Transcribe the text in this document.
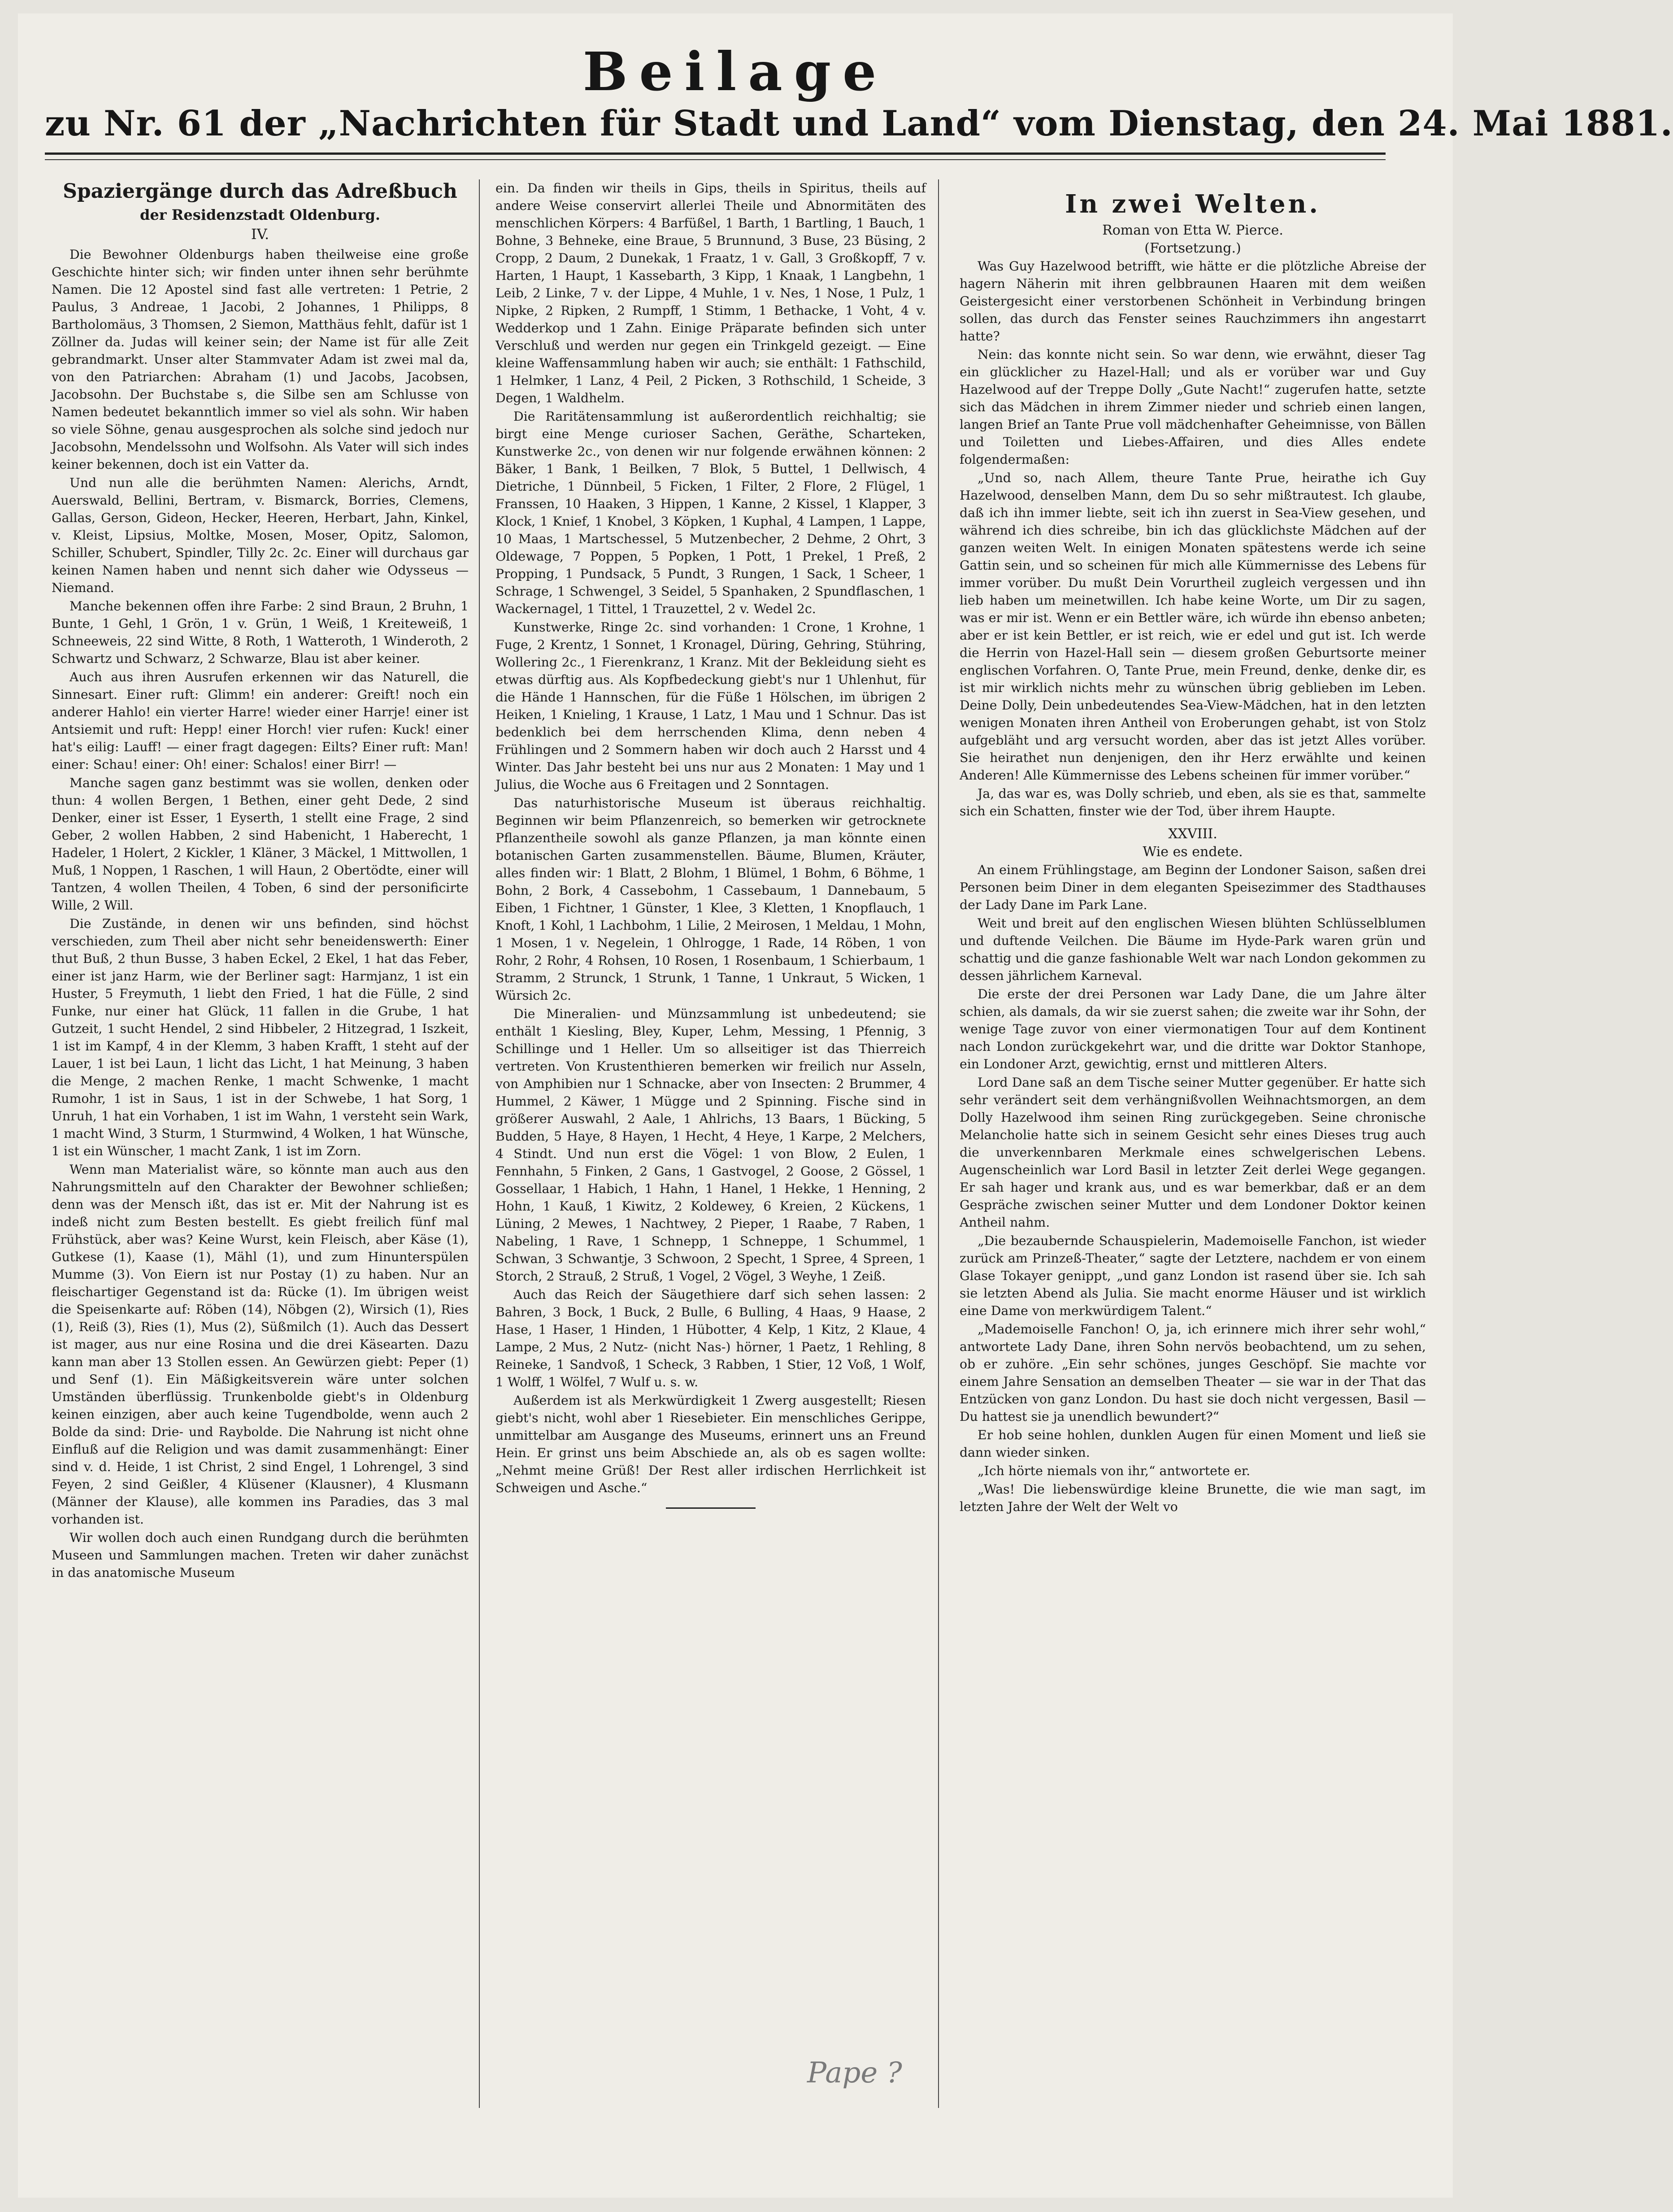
Beilage
zu Nr. 61 der „Nachrichten für Stadt und Land“ vom Dienstag, den 24. Mai 1881.
Spaziergänge durch das Adreßbuch
der Residenzstadt Oldenburg.
IV.

Die Bewohner Oldenburgs haben theilweise eine große Geschichte hinter sich; wir finden unter ihnen sehr berühmte Namen. Die 12 Apostel sind fast alle vertreten: 1 Petrie, 2 Paulus, 3 Andreae, 1 Jacobi, 2 Johannes, 1 Philipps, 8 Bartholomäus, 3 Thomsen, 2 Siemon, Matthäus fehlt, dafür ist 1 Zöllner da. Judas will keiner sein; der Name ist für alle Zeit gebrandmarkt. Unser alter Stammvater Adam ist zwei mal da, von den Patriarchen: Abraham (1) und Jacobs, Jacobsen, Jacobsohn. Der Buchstabe s, die Silbe sen am Schlusse von Namen bedeutet bekanntlich immer so viel als sohn. Wir haben so viele Söhne, genau ausgesprochen als solche sind jedoch nur Jacobsohn, Mendelssohn und Wolfsohn. Als Vater will sich indes keiner bekennen, doch ist ein Vatter da.

Und nun alle die berühmten Namen: Alerichs, Arndt, Auerswald, Bellini, Bertram, v. Bismarck, Borries, Clemens, Gallas, Gerson, Gideon, Hecker, Heeren, Herbart, Jahn, Kinkel, v. Kleist, Lipsius, Moltke, Mosen, Moser, Opitz, Salomon, Schiller, Schubert, Spindler, Tilly 2c. 2c. Einer will durchaus gar keinen Namen haben und nennt sich daher wie Odysseus — Niemand.

Manche bekennen offen ihre Farbe: 2 sind Braun, 2 Bruhn, 1 Bunte, 1 Gehl, 1 Grön, 1 v. Grün, 1 Weiß, 1 Kreiteweiß, 1 Schneeweis, 22 sind Witte, 8 Roth, 1 Watteroth, 1 Winderoth, 2 Schwartz und Schwarz, 2 Schwarze, Blau ist aber keiner.

Auch aus ihren Ausrufen erkennen wir das Naturell, die Sinnesart. Einer ruft: Glimm! ein anderer: Greift! noch ein anderer Hahlo! ein vierter Harre! wieder einer Harrje! einer ist Antsiemit und ruft: Hepp! einer Horch! vier rufen: Kuck! einer hat's eilig: Lauff! — einer fragt dagegen: Eilts? Einer ruft: Man! einer: Schau! einer: Oh! einer: Schalos! einer Birr! —

Manche sagen ganz bestimmt was sie wollen, denken oder thun: 4 wollen Bergen, 1 Bethen, einer geht Dede, 2 sind Denker, einer ist Esser, 1 Eyserth, 1 stellt eine Frage, 2 sind Geber, 2 wollen Habben, 2 sind Habenicht, 1 Haberecht, 1 Hadeler, 1 Holert, 2 Kickler, 1 Kläner, 3 Mäckel, 1 Mittwollen, 1 Muß, 1 Noppen, 1 Raschen, 1 will Haun, 2 Obertödte, einer will Tantzen, 4 wollen Theilen, 4 Toben, 6 sind der personificirte Wille, 2 Will.

Die Zustände, in denen wir uns befinden, sind höchst verschieden, zum Theil aber nicht sehr beneidenswerth: Einer thut Buß, 2 thun Busse, 3 haben Eckel, 2 Ekel, 1 hat das Feber, einer ist janz Harm, wie der Berliner sagt: Harmjanz, 1 ist ein Huster, 5 Freymuth, 1 liebt den Fried, 1 hat die Fülle, 2 sind Funke, nur einer hat Glück, 11 fallen in die Grube, 1 hat Gutzeit, 1 sucht Hendel, 2 sind Hibbeler, 2 Hitzegrad, 1 Iszkeit, 1 ist im Kampf, 4 in der Klemm, 3 haben Krafft, 1 steht auf der Lauer, 1 ist bei Laun, 1 licht das Licht, 1 hat Meinung, 3 haben die Menge, 2 machen Renke, 1 macht Schwenke, 1 macht Rumohr, 1 ist in Saus, 1 ist in der Schwebe, 1 hat Sorg, 1 Unruh, 1 hat ein Vorhaben, 1 ist im Wahn, 1 versteht sein Wark, 1 macht Wind, 3 Sturm, 1 Sturmwind, 4 Wolken, 1 hat Wünsche, 1 ist ein Wünscher, 1 macht Zank, 1 ist im Zorn.

Wenn man Materialist wäre, so könnte man auch aus den Nahrungsmitteln auf den Charakter der Bewohner schließen; denn was der Mensch ißt, das ist er. Mit der Nahrung ist es indeß nicht zum Besten bestellt. Es giebt freilich fünf mal Frühstück, aber was? Keine Wurst, kein Fleisch, aber Käse (1), Gutkese (1), Kaase (1), Mähl (1), und zum Hinunterspülen Mumme (3). Von Eiern ist nur Postay (1) zu haben. Nur an fleischartiger Gegenstand ist da: Rücke (1). Im übrigen weist die Speisenkarte auf: Röben (14), Nöbgen (2), Wirsich (1), Ries (1), Reiß (3), Ries (1), Mus (2), Süßmilch (1). Auch das Dessert ist mager, aus nur eine Rosina und die drei Käsearten. Dazu kann man aber 13 Stollen essen. An Gewürzen giebt: Peper (1) und Senf (1). Ein Mäßigkeitsverein wäre unter solchen Umständen überflüssig. Trunkenbolde giebt's in Oldenburg keinen einzigen, aber auch keine Tugendbolde, wenn auch 2 Bolde da sind: Drie- und Raybolde. Die Nahrung ist nicht ohne Einfluß auf die Religion und was damit zusammenhängt: Einer sind v. d. Heide, 1 ist Christ, 2 sind Engel, 1 Lohrengel, 3 sind Feyen, 2 sind Geißler, 4 Klüsener (Klausner), 4 Klusmann (Männer der Klause), alle kommen ins Paradies, das 3 mal vorhanden ist.

Wir wollen doch auch einen Rundgang durch die berühmten Museen und Sammlungen machen. Treten wir daher zunächst in das anatomische Museum

ein. Da finden wir theils in Gips, theils in Spiritus, theils auf andere Weise conservirt allerlei Theile und Abnormitäten des menschlichen Körpers: 4 Barfüßel, 1 Barth, 1 Bartling, 1 Bauch, 1 Bohne, 3 Behneke, eine Braue, 5 Brunnund, 3 Buse, 23 Büsing, 2 Cropp, 2 Daum, 2 Dunekak, 1 Fraatz, 1 v. Gall, 3 Großkopff, 7 v. Harten, 1 Haupt, 1 Kassebarth, 3 Kipp, 1 Knaak, 1 Langbehn, 1 Leib, 2 Linke, 7 v. der Lippe, 4 Muhle, 1 v. Nes, 1 Nose, 1 Pulz, 1 Nipke, 2 Ripken, 2 Rumpff, 1 Stimm, 1 Bethacke, 1 Voht, 4 v. Wedderkop und 1 Zahn. Einige Präparate befinden sich unter Verschluß und werden nur gegen ein Trinkgeld gezeigt. — Eine kleine Waffensammlung haben wir auch; sie enthält: 1 Fathschild, 1 Helmker, 1 Lanz, 4 Peil, 2 Picken, 3 Rothschild, 1 Scheide, 3 Degen, 1 Waldhelm.

Die Raritätensammlung ist außerordentlich reichhaltig; sie birgt eine Menge curioser Sachen, Geräthe, Scharteken, Kunstwerke 2c., von denen wir nur folgende erwähnen können: 2 Bäker, 1 Bank, 1 Beilken, 7 Blok, 5 Buttel, 1 Dellwisch, 4 Dietriche, 1 Dünnbeil, 5 Ficken, 1 Filter, 2 Flore, 2 Flügel, 1 Franssen, 10 Haaken, 3 Hippen, 1 Kanne, 2 Kissel, 1 Klapper, 3 Klock, 1 Knief, 1 Knobel, 3 Köpken, 1 Kuphal, 4 Lampen, 1 Lappe, 10 Maas, 1 Martschessel, 5 Mutzenbecher, 2 Dehme, 2 Ohrt, 3 Oldewage, 7 Poppen, 5 Popken, 1 Pott, 1 Prekel, 1 Preß, 2 Propping, 1 Pundsack, 5 Pundt, 3 Rungen, 1 Sack, 1 Scheer, 1 Schrage, 1 Schwengel, 3 Seidel, 5 Spanhaken, 2 Spundflaschen, 1 Wackernagel, 1 Tittel, 1 Trauzettel, 2 v. Wedel 2c.

Kunstwerke, Ringe 2c. sind vorhanden: 1 Crone, 1 Krohne, 1 Fuge, 2 Krentz, 1 Sonnet, 1 Kronagel, Düring, Gehring, Stühring, Wollering 2c., 1 Fierenkranz, 1 Kranz. Mit der Bekleidung sieht es etwas dürftig aus. Als Kopfbedeckung giebt's nur 1 Uhlenhut, für die Hände 1 Hannschen, für die Füße 1 Hölschen, im übrigen 2 Heiken, 1 Knieling, 1 Krause, 1 Latz, 1 Mau und 1 Schnur. Das ist bedenklich bei dem herrschenden Klima, denn neben 4 Frühlingen und 2 Sommern haben wir doch auch 2 Harsst und 4 Winter. Das Jahr besteht bei uns nur aus 2 Monaten: 1 May und 1 Julius, die Woche aus 6 Freitagen und 2 Sonntagen.

Das naturhistorische Museum ist überaus reichhaltig. Beginnen wir beim Pflanzenreich, so bemerken wir getrocknete Pflanzentheile sowohl als ganze Pflanzen, ja man könnte einen botanischen Garten zusammenstellen. Bäume, Blumen, Kräuter, alles finden wir: 1 Blatt, 2 Blohm, 1 Blümel, 1 Bohm, 6 Böhme, 1 Bohn, 2 Bork, 4 Cassebohm, 1 Cassebaum, 1 Dannebaum, 5 Eiben, 1 Fichtner, 1 Günster, 1 Klee, 3 Kletten, 1 Knopflauch, 1 Knoft, 1 Kohl, 1 Lachbohm, 1 Lilie, 2 Meirosen, 1 Meldau, 1 Mohn, 1 Mosen, 1 v. Negelein, 1 Ohlrogge, 1 Rade, 14 Röben, 1 von Rohr, 2 Rohr, 4 Rohsen, 10 Rosen, 1 Rosenbaum, 1 Schierbaum, 1 Stramm, 2 Strunck, 1 Strunk, 1 Tanne, 1 Unkraut, 5 Wicken, 1 Würsich 2c.

Die Mineralien- und Münzsammlung ist unbedeutend; sie enthält 1 Kiesling, Bley, Kuper, Lehm, Messing, 1 Pfennig, 3 Schillinge und 1 Heller. Um so allseitiger ist das Thierreich vertreten. Von Krustenthieren bemerken wir freilich nur Asseln, von Amphibien nur 1 Schnacke, aber von Insecten: 2 Brummer, 4 Hummel, 2 Käwer, 1 Mügge und 2 Spinning. Fische sind in größerer Auswahl, 2 Aale, 1 Ahlrichs, 13 Baars, 1 Bücking, 5 Budden, 5 Haye, 8 Hayen, 1 Hecht, 4 Heye, 1 Karpe, 2 Melchers, 4 Stindt. Und nun erst die Vögel: 1 von Blow, 2 Eulen, 1 Fennhahn, 5 Finken, 2 Gans, 1 Gastvogel, 2 Goose, 2 Gössel, 1 Gossellaar, 1 Habich, 1 Hahn, 1 Hanel, 1 Hekke, 1 Henning, 2 Hohn, 1 Kauß, 1 Kiwitz, 2 Koldewey, 6 Kreien, 2 Kückens, 1 Lüning, 2 Mewes, 1 Nachtwey, 2 Pieper, 1 Raabe, 7 Raben, 1 Nabeling, 1 Rave, 1 Schnepp, 1 Schneppe, 1 Schummel, 1 Schwan, 3 Schwantje, 3 Schwoon, 2 Specht, 1 Spree, 4 Spreen, 1 Storch, 2 Strauß, 2 Struß, 1 Vogel, 2 Vögel, 3 Weyhe, 1 Zeiß.

Auch das Reich der Säugethiere darf sich sehen lassen: 2 Bahren, 3 Bock, 1 Buck, 2 Bulle, 6 Bulling, 4 Haas, 9 Haase, 2 Hase, 1 Haser, 1 Hinden, 1 Hübotter, 4 Kelp, 1 Kitz, 2 Klaue, 4 Lampe, 2 Mus, 2 Nutz- (nicht Nas-) hörner, 1 Paetz, 1 Rehling, 8 Reineke, 1 Sandvoß, 1 Scheck, 3 Rabben, 1 Stier, 12 Voß, 1 Wolf, 1 Wolff, 1 Wölfel, 7 Wulf u. s. w.

Außerdem ist als Merkwürdigkeit 1 Zwerg ausgestellt; Riesen giebt's nicht, wohl aber 1 Riesebieter. Ein menschliches Gerippe, unmittelbar am Ausgange des Museums, erinnert uns an Freund Hein. Er grinst uns beim Abschiede an, als ob es sagen wollte: „Nehmt meine Grüß! Der Rest aller irdischen Herrlichkeit ist Schweigen und Asche.“

In zwei Welten.
Roman von Etta W. Pierce.
(Fortsetzung.)

Was Guy Hazelwood betrifft, wie hätte er die plötzliche Abreise der hagern Näherin mit ihren gelbbraunen Haaren mit dem weißen Geistergesicht einer verstorbenen Schönheit in Verbindung bringen sollen, das durch das Fenster seines Rauchzimmers ihn angestarrt hatte?

Nein: das konnte nicht sein. So war denn, wie erwähnt, dieser Tag ein glücklicher zu Hazel-Hall; und als er vorüber war und Guy Hazelwood auf der Treppe Dolly „Gute Nacht!“ zugerufen hatte, setzte sich das Mädchen in ihrem Zimmer nieder und schrieb einen langen, langen Brief an Tante Prue voll mädchenhafter Geheimnisse, von Bällen und Toiletten und Liebes-Affairen, und dies Alles endete folgendermaßen:

„Und so, nach Allem, theure Tante Prue, heirathe ich Guy Hazelwood, denselben Mann, dem Du so sehr mißtrautest. Ich glaube, daß ich ihn immer liebte, seit ich ihn zuerst in Sea-View gesehen, und während ich dies schreibe, bin ich das glücklichste Mädchen auf der ganzen weiten Welt. In einigen Monaten spätestens werde ich seine Gattin sein, und so scheinen für mich alle Kümmernisse des Lebens für immer vorüber. Du mußt Dein Vorurtheil zugleich vergessen und ihn lieb haben um meinetwillen. Ich habe keine Worte, um Dir zu sagen, was er mir ist. Wenn er ein Bettler wäre, ich würde ihn ebenso anbeten; aber er ist kein Bettler, er ist reich, wie er edel und gut ist. Ich werde die Herrin von Hazel-Hall sein — diesem großen Geburtsorte meiner englischen Vorfahren. O, Tante Prue, mein Freund, denke, denke dir, es ist mir wirklich nichts mehr zu wünschen übrig geblieben im Leben. Deine Dolly, Dein unbedeutendes Sea-View-Mädchen, hat in den letzten wenigen Monaten ihren Antheil von Eroberungen gehabt, ist von Stolz aufgebläht und arg versucht worden, aber das ist jetzt Alles vorüber. Sie heirathet nun denjenigen, den ihr Herz erwählte und keinen Anderen! Alle Kümmernisse des Lebens scheinen für immer vorüber.“

Ja, das war es, was Dolly schrieb, und eben, als sie es that, sammelte sich ein Schatten, finster wie der Tod, über ihrem Haupte.

XXVIII.
Wie es endete.

An einem Frühlingstage, am Beginn der Londoner Saison, saßen drei Personen beim Diner in dem eleganten Speisezimmer des Stadthauses der Lady Dane im Park Lane.

Weit und breit auf den englischen Wiesen blühten Schlüsselblumen und duftende Veilchen. Die Bäume im Hyde-Park waren grün und schattig und die ganze fashionable Welt war nach London gekommen zu dessen jährlichem Karneval.

Die erste der drei Personen war Lady Dane, die um Jahre älter schien, als damals, da wir sie zuerst sahen; die zweite war ihr Sohn, der wenige Tage zuvor von einer viermonatigen Tour auf dem Kontinent nach London zurückgekehrt war, und die dritte war Doktor Stanhope, ein Londoner Arzt, gewichtig, ernst und mittleren Alters.

Lord Dane saß an dem Tische seiner Mutter gegenüber. Er hatte sich sehr verändert seit dem verhängnißvollen Weihnachtsmorgen, an dem Dolly Hazelwood ihm seinen Ring zurückgegeben. Seine chronische Melancholie hatte sich in seinem Gesicht sehr eines Dieses trug auch die unverkennbaren Merkmale eines schwelgerischen Lebens. Augenscheinlich war Lord Basil in letzter Zeit derlei Wege gegangen. Er sah hager und krank aus, und es war bemerkbar, daß er an dem Gespräche zwischen seiner Mutter und dem Londoner Doktor keinen Antheil nahm.

„Die bezaubernde Schauspielerin, Mademoiselle Fanchon, ist wieder zurück am Prinzeß-Theater,“ sagte der Letztere, nachdem er von einem Glase Tokayer genippt, „und ganz London ist rasend über sie. Ich sah sie letzten Abend als Julia. Sie macht enorme Häuser und ist wirklich eine Dame von merkwürdigem Talent.“

„Mademoiselle Fanchon! O, ja, ich erinnere mich ihrer sehr wohl,“ antwortete Lady Dane, ihren Sohn nervös beobachtend, um zu sehen, ob er zuhöre. „Ein sehr schönes, junges Geschöpf. Sie machte vor einem Jahre Sensation an demselben Theater — sie war in der That das Entzücken von ganz London. Du hast sie doch nicht vergessen, Basil — Du hattest sie ja unendlich bewundert?“

Er hob seine hohlen, dunklen Augen für einen Moment und ließ sie dann wieder sinken.

„Ich hörte niemals von ihr,“ antwortete er.

„Was! Die liebenswürdige kleine Brunette, die wie man sagt, im letzten Jahre der Welt der Welt vo

Pape ?
